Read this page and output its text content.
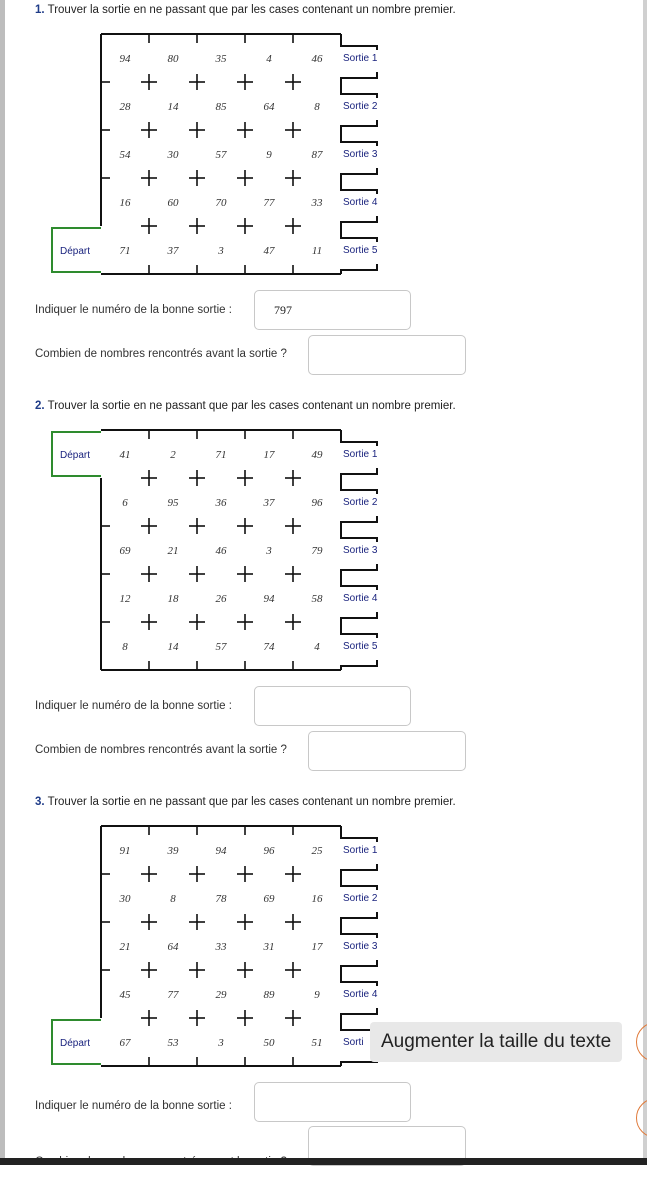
1. Trouver la sortie en ne passant que par les cases contenant un nombre premier.
Sortie 1
Sortie 2
Sortie 3
Sortie 4
Sortie 5
94	80	35	4	46
28	14	85	64	8
54	30	57	9	87
16	60	70	77	33
71	37	3	47	11
Départ
Indiquer le numéro de la bonne sortie :	797
Combien de nombres rencontrés avant la sortie ?
2. Trouver la sortie en ne passant que par les cases contenant un nombre premier.
Sortie 1
Sortie 2
Sortie 3
Sortie 4
Sortie 5
41	2	71	17	49
6	95	36	37	96
69	21	46	3	79
12	18	26	94	58
8	14	57	74	4
Départ
Indiquer le numéro de la bonne sortie :
Combien de nombres rencontrés avant la sortie ?
3. Trouver la sortie en ne passant que par les cases contenant un nombre premier.
Sortie 1
Sortie 2
Sortie 3
Sortie 4
Sorti
91	39	94	96	25
30	8	78	69	16
21	64	33	31	17
45	77	29	89	9
67	53	3	50	51
Départ
Indiquer le numéro de la bonne sortie :
Augmenter la taille du texte
